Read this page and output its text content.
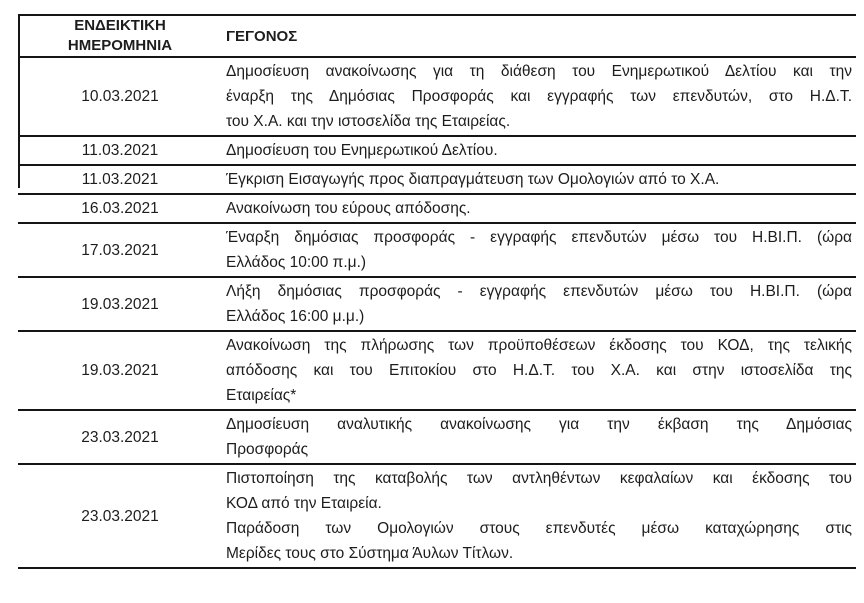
ΕΝΔΕΙΚΤΙΚΗ
ΗΜΕΡΟΜΗΝΙΑ	ΓΕΓΟΝΟΣ
10.03.2021	Δημοσίευση ανακοίνωσης για τη διάθεση του Ενημερωτικού Δελτίου και την
έναρξη της Δημόσιας Προσφοράς και εγγραφής των επενδυτών, στο Η.Δ.Τ.
του Χ.Α. και την ιστοσελίδα της Εταιρείας.

11.03.2021	Δημοσίευση του Ενημερωτικού Δελτίου.

11.03.2021	Έγκριση Εισαγωγής προς διαπραγμάτευση των Ομολογιών από το Χ.Α.

16.03.2021	Ανακοίνωση του εύρους απόδοσης.

17.03.2021	Έναρξη δημόσιας προσφοράς - εγγραφής επενδυτών μέσω του Η.ΒΙ.Π. (ώρα
Ελλάδος 10:00 π.μ.)

19.03.2021	Λήξη δημόσιας προσφοράς - εγγραφής επενδυτών μέσω του Η.ΒΙ.Π. (ώρα
Ελλάδος 16:00 μ.μ.)

19.03.2021	Ανακοίνωση της πλήρωσης των προϋποθέσεων έκδοσης του ΚΟΔ, της τελικής
απόδοσης και του Επιτοκίου στο Η.Δ.Τ. του Χ.Α. και στην ιστοσελίδα της
Εταιρείας*

23.03.2021	Δημοσίευση αναλυτικής ανακοίνωσης για την έκβαση της Δημόσιας
Προσφοράς

23.03.2021	Πιστοποίηση της καταβολής των αντληθέντων κεφαλαίων και έκδοσης του
ΚΟΔ από την Εταιρεία.
Παράδοση των Ομολογιών στους επενδυτές μέσω καταχώρησης στις
Μερίδες τους στο Σύστημα Άυλων Τίτλων.
